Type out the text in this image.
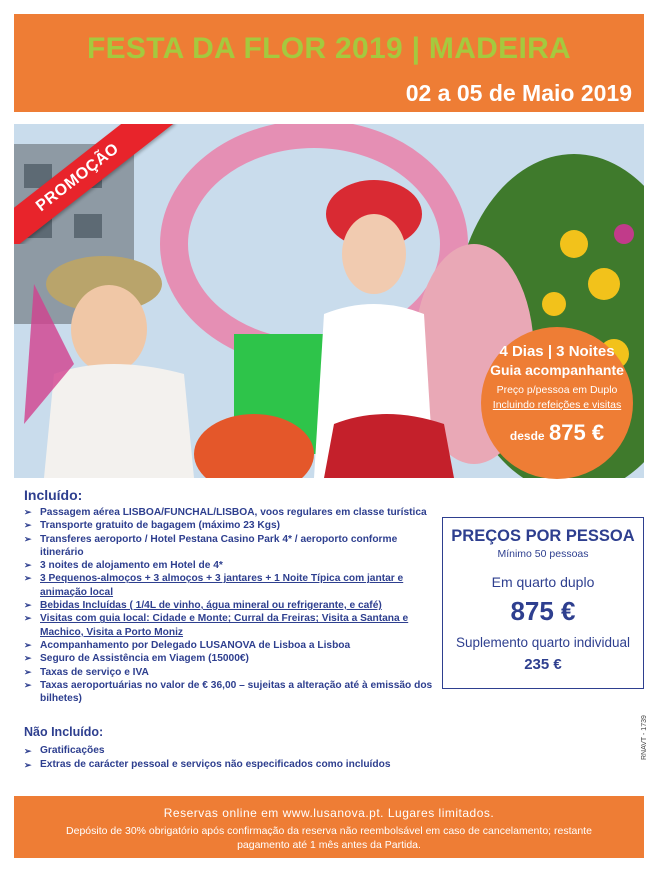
FESTA DA FLOR 2019 | MADEIRA
02 a 05 de Maio 2019
PROMOÇÃO
4 Dias | 3 Noites
Guia acompanhante
Preço p/pessoa em Duplo
Incluindo refeições e visitas
desde 875 €
Incluído:
➢ Passagem aérea LISBOA/FUNCHAL/LISBOA, voos regulares em classe turística
➢ Transporte gratuito de bagagem (máximo 23 Kgs)
➢ Transferes aeroporto / Hotel Pestana Casino Park 4* / aeroporto conforme itinerário
➢ 3 noites de alojamento em Hotel de 4*
➢ 3 Pequenos-almoços + 3 almoços + 3 jantares + 1 Noite Típica com jantar e animação local
➢ Bebidas Incluídas ( 1/4L de vinho, água mineral ou refrigerante, e café)
➢ Visitas com guia local: Cidade e Monte; Curral da Freiras; Visita a Santana e Machico, Visita a Porto Moniz
➢ Acompanhamento por Delegado LUSANOVA de Lisboa a Lisboa
➢ Seguro de Assistência em Viagem (15000€)
➢ Taxas de serviço e IVA
➢ Taxas aeroportuárias no valor de € 36,00 – sujeitas a alteração até à emissão dos bilhetes)
Não Incluído:
➢ Gratificações
➢ Extras de carácter pessoal e serviços não especificados como incluídos
PREÇOS POR PESSOA
Mínimo 50 pessoas
Em quarto duplo
875 €
Suplemento quarto individual
235 €
RNAVT - 1739
Reservas online em www.lusanova.pt. Lugares limitados.
Depósito de 30% obrigatório após confirmação da reserva não reembolsável em caso de cancelamento; restante pagamento até 1 mês antes da Partida.
